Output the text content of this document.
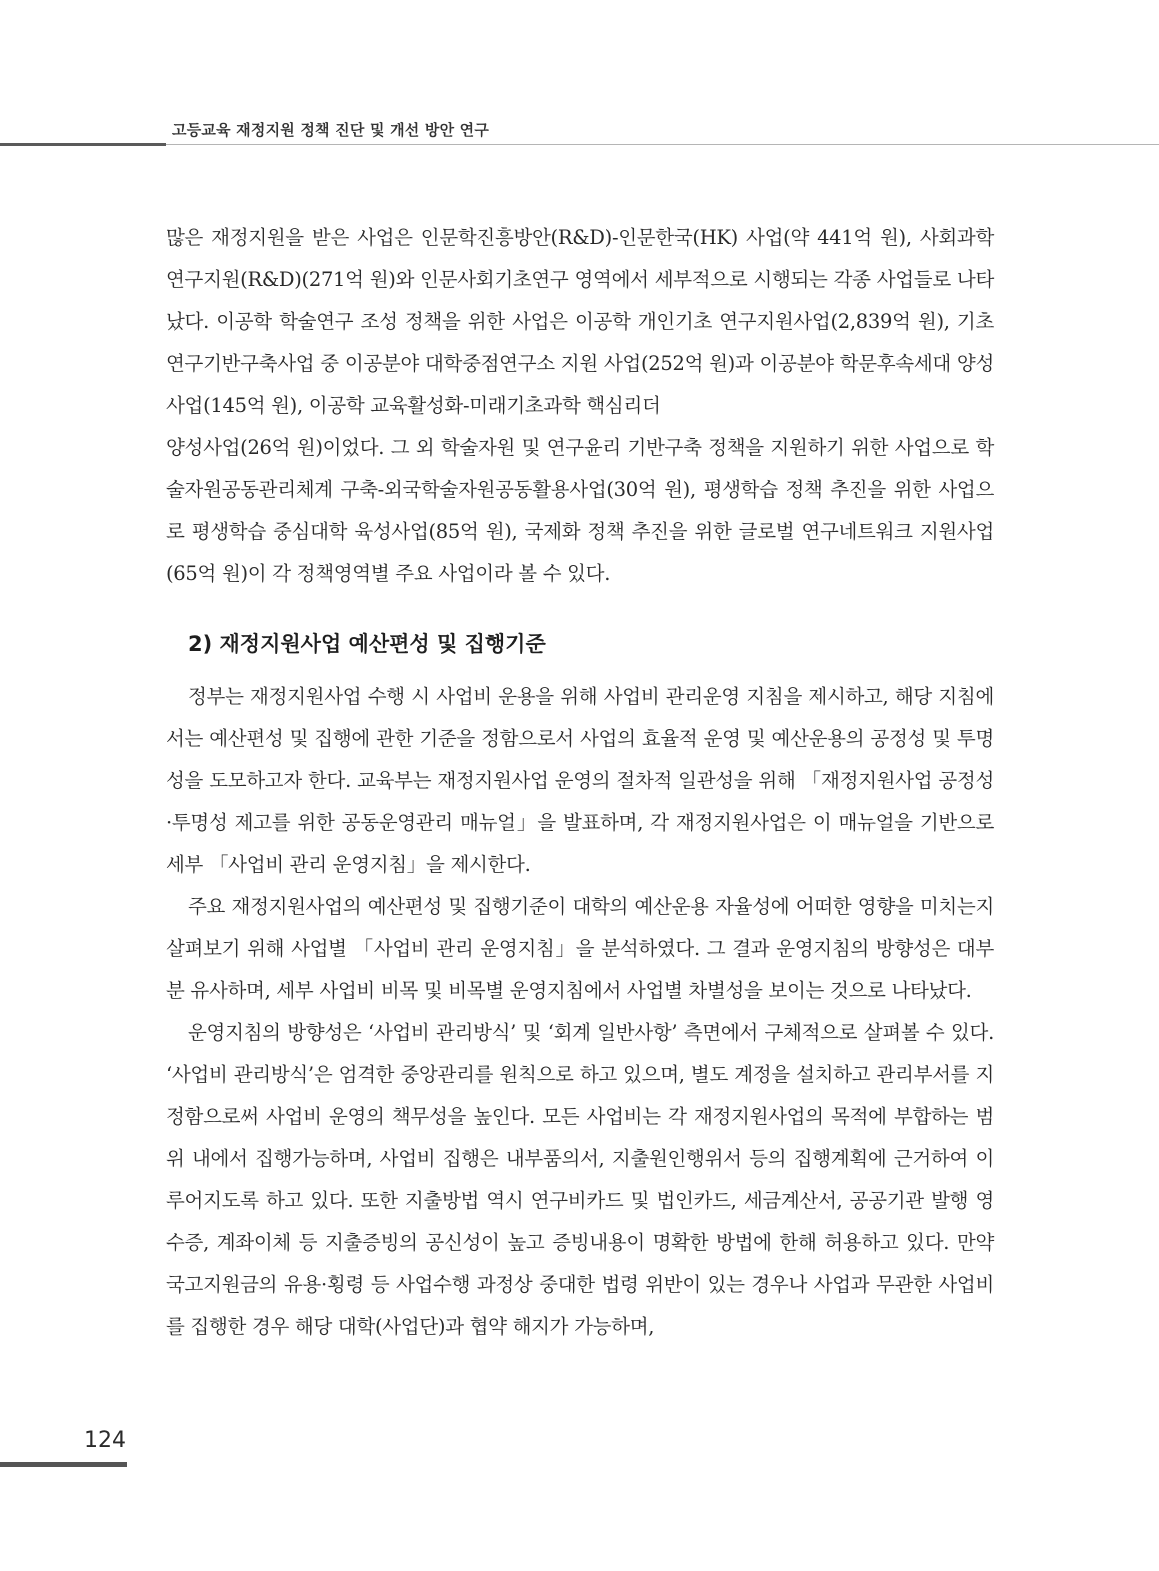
고등교육 재정지원 정책 진단 및 개선 방안 연구

많은 재정지원을 받은 사업은 인문학진흥방안(R&D)-인문한국(HK) 사업(약 441억 원), 사회과학연구지원(R&D)(271억 원)와 인문사회기초연구 영역에서 세부적으로 시행되는 각종 사업들로 나타났다. 이공학 학술연구 조성 정책을 위한 사업은 이공학 개인기초 연구지원사업(2,839억 원), 기초연구기반구축사업 중 이공분야 대학중점연구소 지원 사업(252억 원)과 이공분야 학문후속세대 양성 사업(145억 원), 이공학 교육활성화-미래기초과학 핵심리더

양성사업(26억 원)이었다. 그 외 학술자원 및 연구윤리 기반구축 정책을 지원하기 위한 사업으로 학술자원공동관리체계 구축-외국학술자원공동활용사업(30억 원), 평생학습 정책 추진을 위한 사업으로 평생학습 중심대학 육성사업(85억 원), 국제화 정책 추진을 위한 글로벌 연구네트워크 지원사업(65억 원)이 각 정책영역별 주요 사업이라 볼 수 있다.

2) 재정지원사업 예산편성 및 집행기준

정부는 재정지원사업 수행 시 사업비 운용을 위해 사업비 관리운영 지침을 제시하고, 해당 지침에서는 예산편성 및 집행에 관한 기준을 정함으로서 사업의 효율적 운영 및 예산운용의 공정성 및 투명성을 도모하고자 한다. 교육부는 재정지원사업 운영의 절차적 일관성을 위해 「재정지원사업 공정성·투명성 제고를 위한 공동운영관리 매뉴얼」을 발표하며, 각 재정지원사업은 이 매뉴얼을 기반으로 세부 「사업비 관리 운영지침」을 제시한다.

주요 재정지원사업의 예산편성 및 집행기준이 대학의 예산운용 자율성에 어떠한 영향을 미치는지 살펴보기 위해 사업별 「사업비 관리 운영지침」을 분석하였다. 그 결과 운영지침의 방향성은 대부분 유사하며, 세부 사업비 비목 및 비목별 운영지침에서 사업별 차별성을 보이는 것으로 나타났다.

운영지침의 방향성은 ‘사업비 관리방식’ 및 ‘회계 일반사항’ 측면에서 구체적으로 살펴볼 수 있다. ‘사업비 관리방식’은 엄격한 중앙관리를 원칙으로 하고 있으며, 별도 계정을 설치하고 관리부서를 지정함으로써 사업비 운영의 책무성을 높인다. 모든 사업비는 각 재정지원사업의 목적에 부합하는 범위 내에서 집행가능하며, 사업비 집행은 내부품의서, 지출원인행위서 등의 집행계획에 근거하여 이루어지도록 하고 있다. 또한 지출방법 역시 연구비카드 및 법인카드, 세금계산서, 공공기관 발행 영수증, 계좌이체 등 지출증빙의 공신성이 높고 증빙내용이 명확한 방법에 한해 허용하고 있다. 만약 국고지원금의 유용·횡령 등 사업수행 과정상 중대한 법령 위반이 있는 경우나 사업과 무관한 사업비를 집행한 경우 해당 대학(사업단)과 협약 해지가 가능하며,

124
